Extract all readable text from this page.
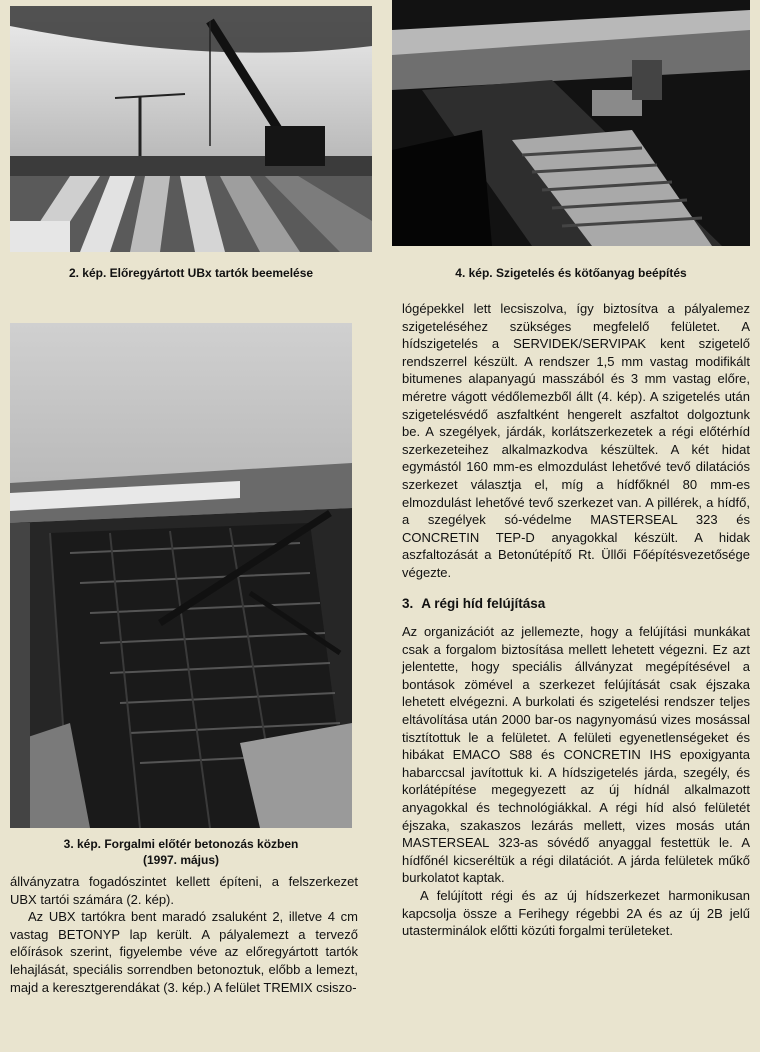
2. kép. Előregyártott UBx tartók beemelése	4. kép. Szigetelés és kötőanyag beépítés
3. kép. Forgalmi előtér betonozás közben
(1997. május)

állványzatra fogadószintet kellett építeni, a felszerkezet UBX tartói számára (2. kép).

Az UBX tartókra bent maradó zsaluként 2, illetve 4 cm vastag BETONYP lap került. A pályalemezt a tervező előírások szerint, figyelembe véve az előregyártott tartók lehajlását, speciális sorrendben betonoztuk, előbb a lemezt, majd a keresztgerendákat (3. kép.) A felület TREMIX csiszo-

lógépekkel lett lecsiszolva, így biztosítva a pályalemez szigeteléséhez szükséges megfelelő felületet. A hídszigetelés a SERVIDEK/SERVIPAK kent szigetelő rendszerrel készült. A rendszer 1,5 mm vastag modifikált bitumenes alapanyagú masszából és 3 mm vastag előre, méretre vágott védőlemezből állt (4. kép). A szigetelés után szigetelésvédő aszfaltként hengerelt aszfaltot dolgoztunk be. A szegélyek, járdák, korlátszerkezetek a régi előtérhíd szerkezeteihez alkalmazkodva készültek. A két hidat egymástól 160 mm-es elmozdulást lehetővé tevő dilatációs szerkezet választja el, míg a hídfőknél 80 mm-es elmozdulást lehetővé tevő szerkezet van. A pillérek, a hídfő, a szegélyek só-védelme MASTERSEAL 323 és CONCRETIN TEP-D anyagokkal készült. A hidak aszfaltozását a Betonútépítő Rt. Üllői Főépítésvezetősége végezte.

3. A régi híd felújítása

Az organizációt az jellemezte, hogy a felújítási munkákat csak a forgalom biztosítása mellett lehetett végezni. Ez azt jelentette, hogy speciális állványzat megépítésével a bontások zömével a szerkezet felújítását csak éjszaka lehetett elvégezni. A burkolati és szigetelési rendszer teljes eltávolítása után 2000 bar-os nagynyomású vizes mosással tisztítottuk le a felületet. A felületi egyenetlenségeket és hibákat EMACO S88 és CONCRETIN IHS epoxigyanta habarccsal javítottuk ki. A hídszigetelés járda, szegély, és korlátépítése megegyezett az új hídnál alkalmazott anyagokkal és technológiákkal. A régi híd alsó felületét éjszaka, szakaszos lezárás mellett, vizes mosás után MASTERSEAL 323-as sóvédő anyaggal festettük le. A hídfőnél kicseréltük a régi dilatációt. A járda felületek műkő burkolatot kaptak.

A felújított régi és az új hídszerkezet harmonikusan kapcsolja össze a Ferihegy régebbi 2A és az új 2B jelű utasterminálok előtti közúti forgalmi területeket.
